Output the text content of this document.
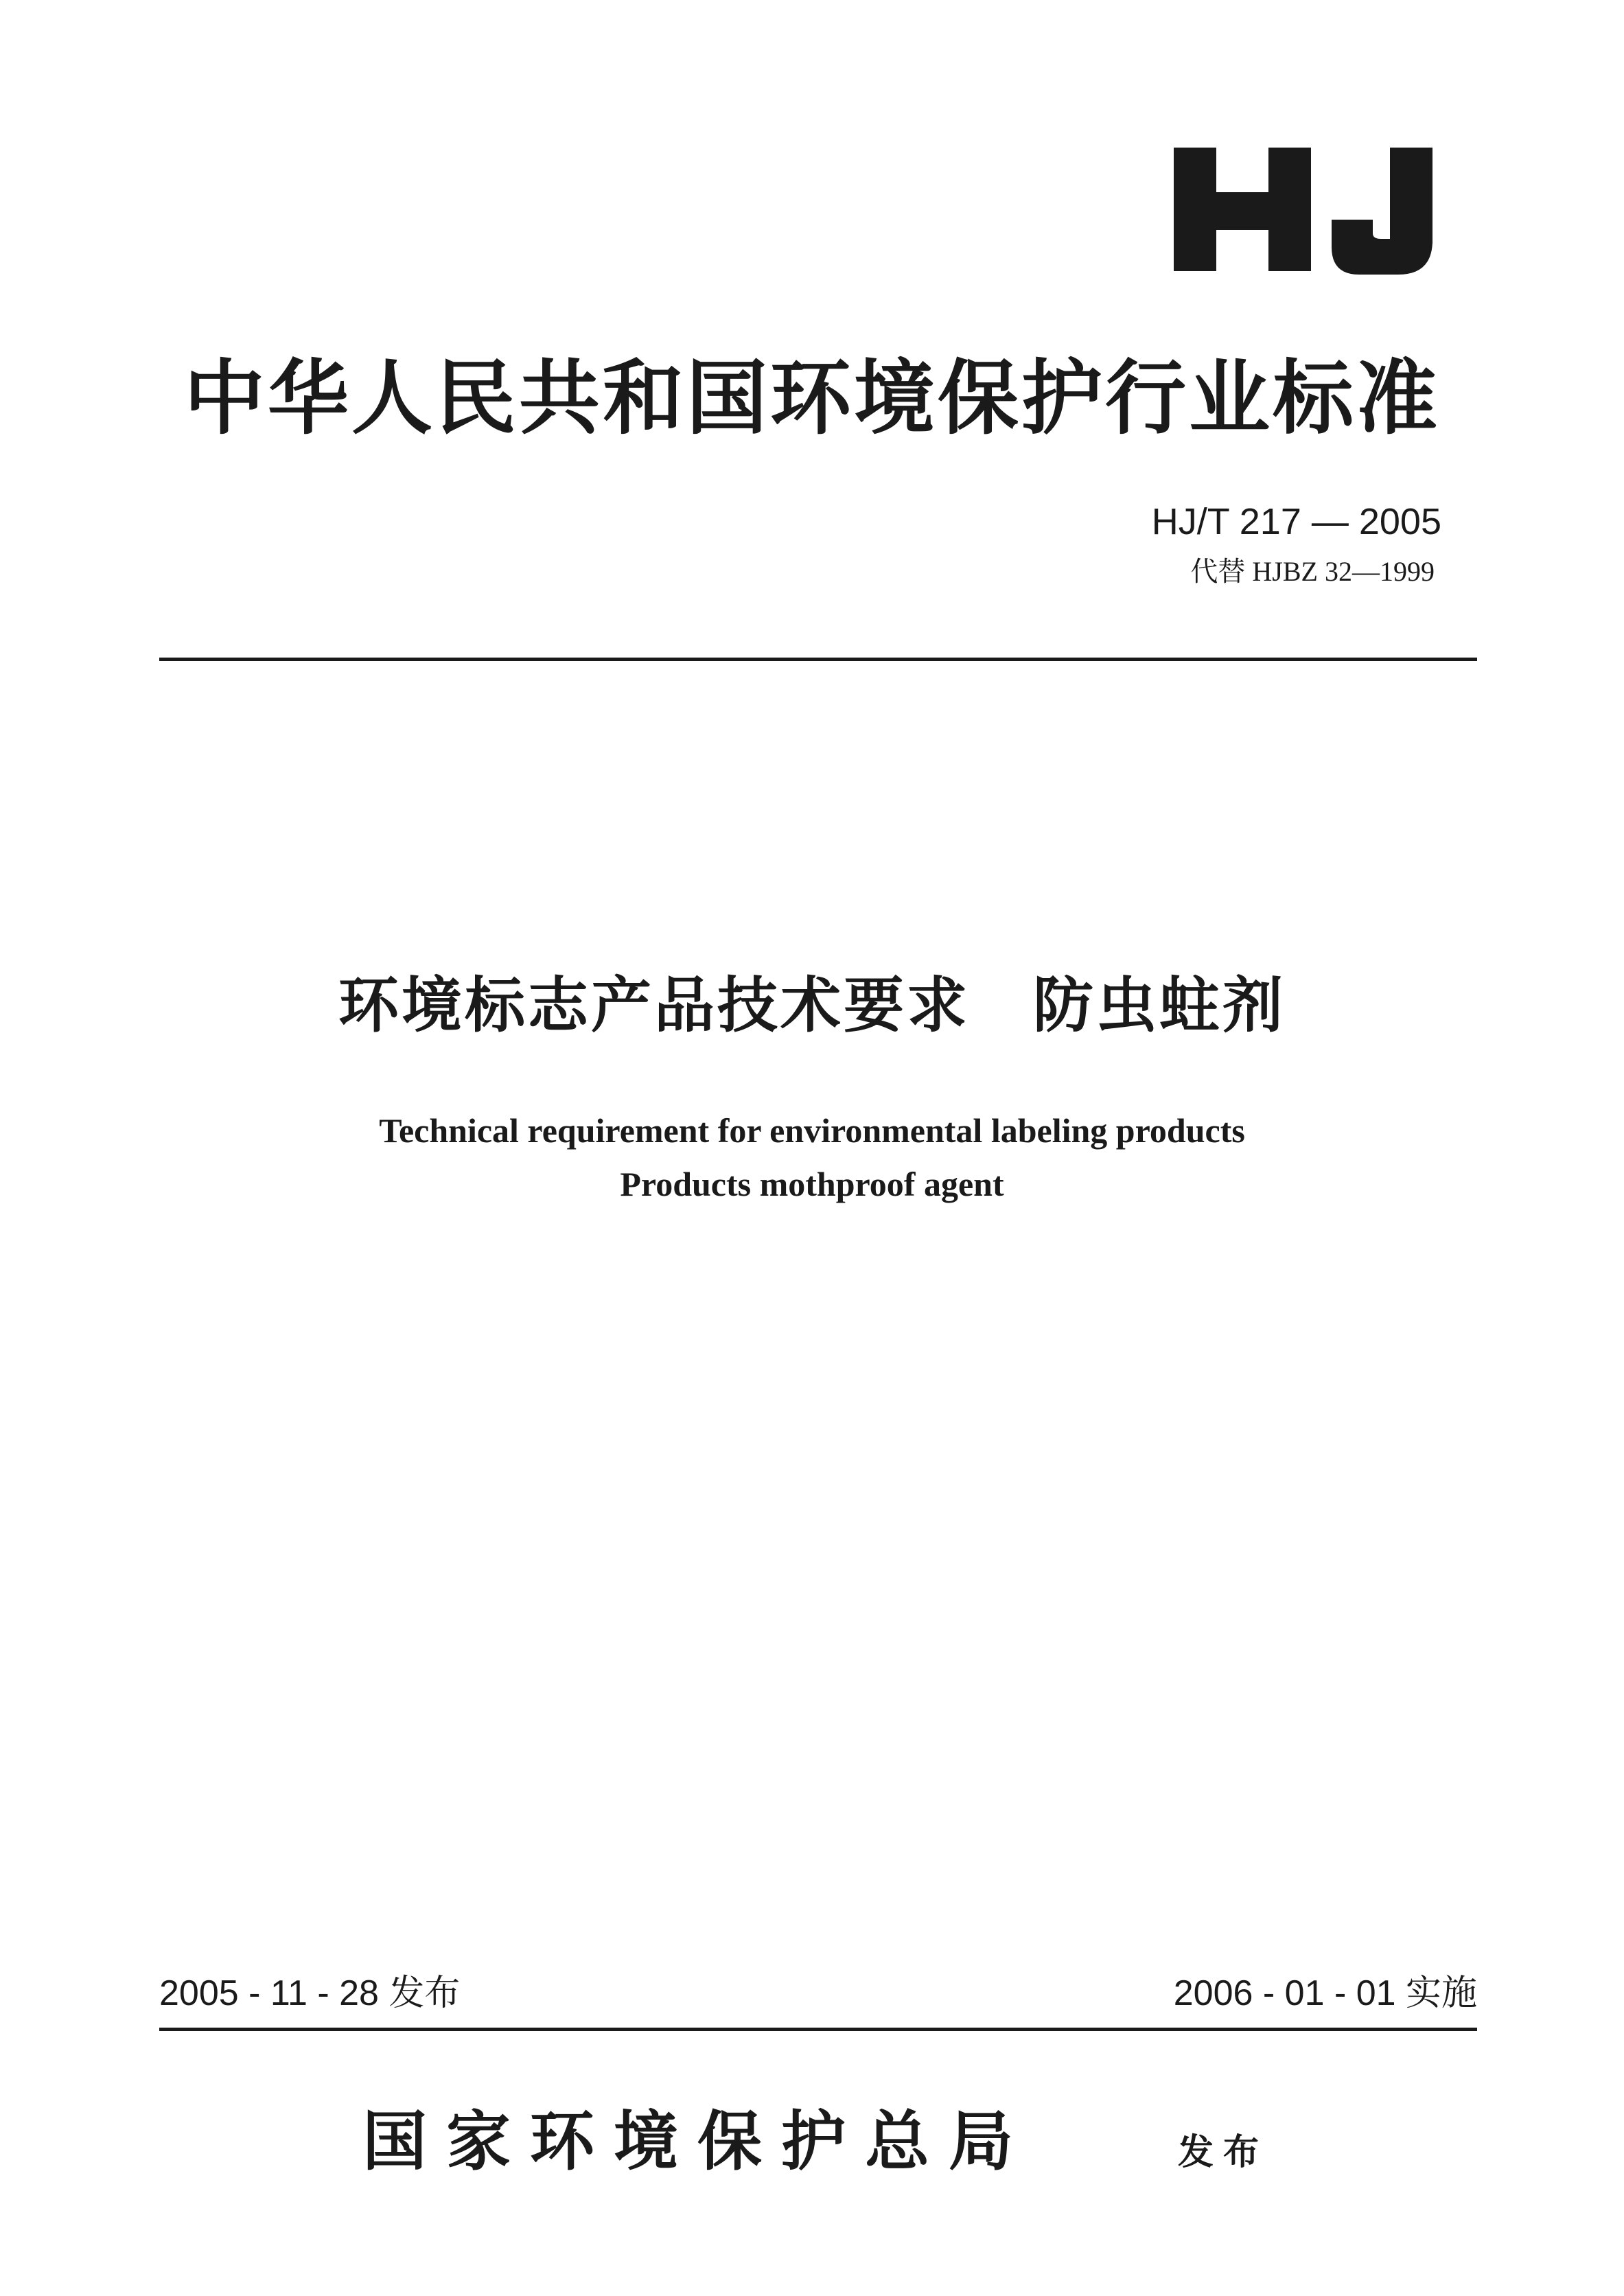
中华人民共和国环境保护行业标准
HJ/T 217 — 2005
代替 HJBZ 32—1999
环境标志产品技术要求　防虫蛀剂
Technical requirement for environmental labeling products
Products mothproof agent
2005 - 11 - 28 发布	2006 - 01 - 01 实施
国家环境保护总局	发布
